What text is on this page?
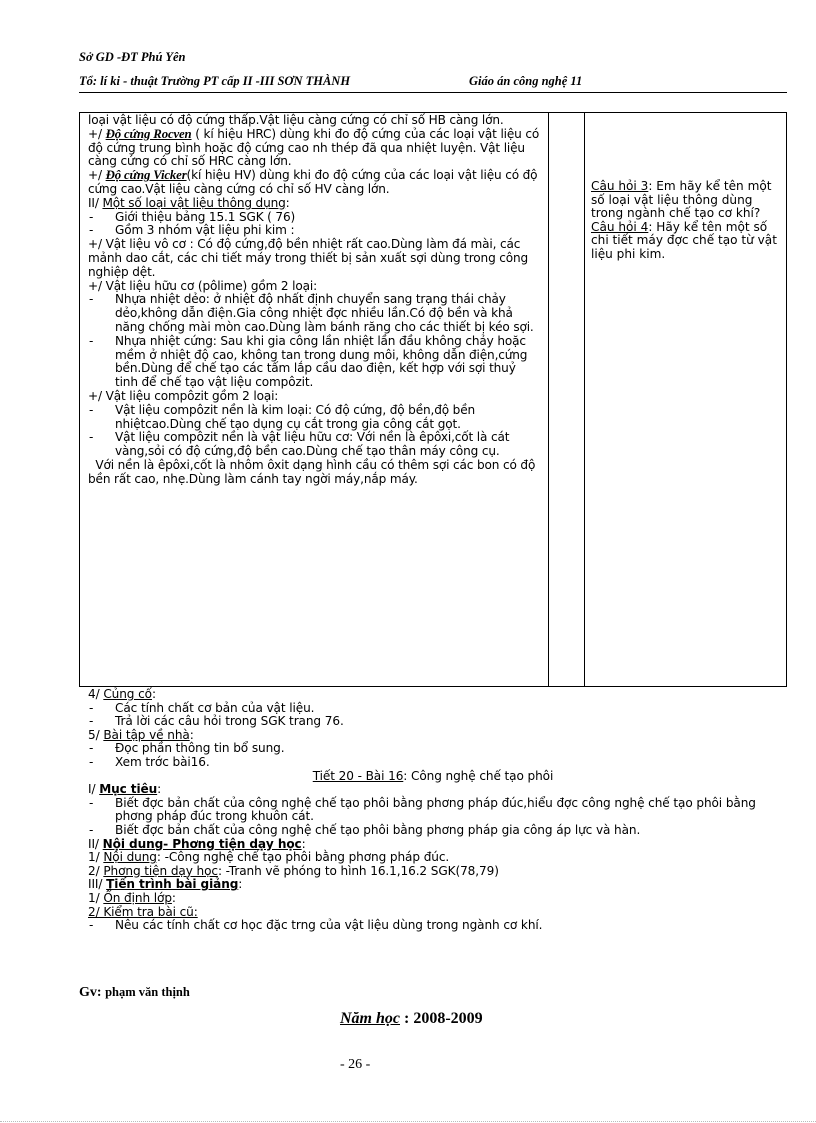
Sở GD -ĐT Phú Yên
Tổ: lí ki - thuật Trường PT cấp II -III SƠN THÀNH	Giáo án công nghệ 11

loại vật liệu có độ cứng thấp.Vật liệu càng cứng có chỉ số HB càng lớn.

+/ Độ cứng Rocven ( kí hiệu HRC) dùng khi đo độ cứng của các loại vật liệu có độ cứng trung bình hoặc độ cứng cao nh thép đã qua nhiệt luyện. Vật liệu càng cứng có chỉ số HRC càng lớn.

+/ Độ cứng Vicker(kí hiệu HV) dùng khi đo độ cứng của các loại vật liệu có độ cứng cao.Vật liệu càng cứng có chỉ số HV càng lớn.

II/ Một số loại vật liệu thông dụng:

- Giới thiệu bảng 15.1 SGK ( 76)

- Gồm 3 nhóm vật liệu phi kim :

+/ Vật liệu vô cơ : Có độ cứng,độ bền nhiệt rất cao.Dùng làm đá mài, các mảnh dao cắt, các chi tiết máy trong thiết bị sản xuất sợi dùng trong công nghiệp dệt.

+/ Vật liệu hữu cơ (pôlime) gồm 2 loại:

- Nhựa nhiệt dẻo: ở nhiệt độ nhất định chuyển sang trạng thái chảy dẻo,không dẫn điện.Gia công nhiệt đợc nhiều lần.Có độ bền và khả năng chống mài mòn cao.Dùng làm bánh răng cho các thiết bị kéo sợi.

- Nhựa nhiệt cứng: Sau khi gia công lần nhiệt lần đầu không chảy hoặc mềm ở nhiệt độ cao, không tan trong dung môi, không dẫn điện,cứng bền.Dùng để chế tạo các tấm lắp cầu dao điện, kết hợp với sợi thuỷ tinh để chế tạo vật liệu compôzit.

+/ Vật liệu compôzit gồm 2 loại:

- Vật liệu compôzit nền là kim loại: Có độ cứng, độ bền,độ bền nhiệtcao.Dùng chế tạo dụng cụ cắt trong gia công cắt gọt.

- Vật liệu compôzit nền là vật liệu hữu cơ: Với nền là êpôxi,cốt là cát vàng,sỏi có độ cứng,độ bền cao.Dùng chế tạo thân máy công cụ.

Với nền là êpôxi,cốt là nhôm ôxit dạng hình cầu có thêm sợi các bon có độ bền rất cao, nhẹ.Dùng làm cánh tay ngời máy,nắp máy.

Câu hỏi 3: Em hãy kể tên một số loại vật liệu thông dùng trong ngành chế tạo cơ khí?

Câu hỏi 4: Hãy kể tên một số chi tiết máy đợc chế tạo từ vật liệu phi kim.

4/ Củng cố:

- Các tính chất cơ bản của vật liệu.

- Trả lời các câu hỏi trong SGK trang 76.

5/ Bài tập về nhà:

- Đọc phần thông tin bổ sung.

- Xem trớc bài16.

Tiết 20 - Bài 16: Công nghệ chế tạo phôi

I/ Mục tiêu:

- Biết đợc bản chất của công nghệ chế tạo phôi bằng phơng pháp đúc,hiểu đợc công nghệ chế tạo phôi bằng phơng pháp đúc trong khuôn cát.

- Biết đợc bản chất của công nghệ chế tạo phôi bằng phơng pháp gia công áp lực và hàn.

II/ Nội dung- Phơng tiện dạy học:

1/ Nội dung: -Công nghệ chế tạo phôi bằng phơng pháp đúc.

2/ Phơng tiện dạy học: -Tranh vẽ phóng to hình 16.1,16.2 SGK(78,79)

III/ Tiến trình bài giảng:

1/ Ổn định lớp:

2/ Kiểm tra bài cũ:

- Nêu các tính chất cơ học đặc trng của vật liệu dùng trong ngành cơ khí.

Gv: phạm văn thịnh
Năm học : 2008-2009
- 26 -
